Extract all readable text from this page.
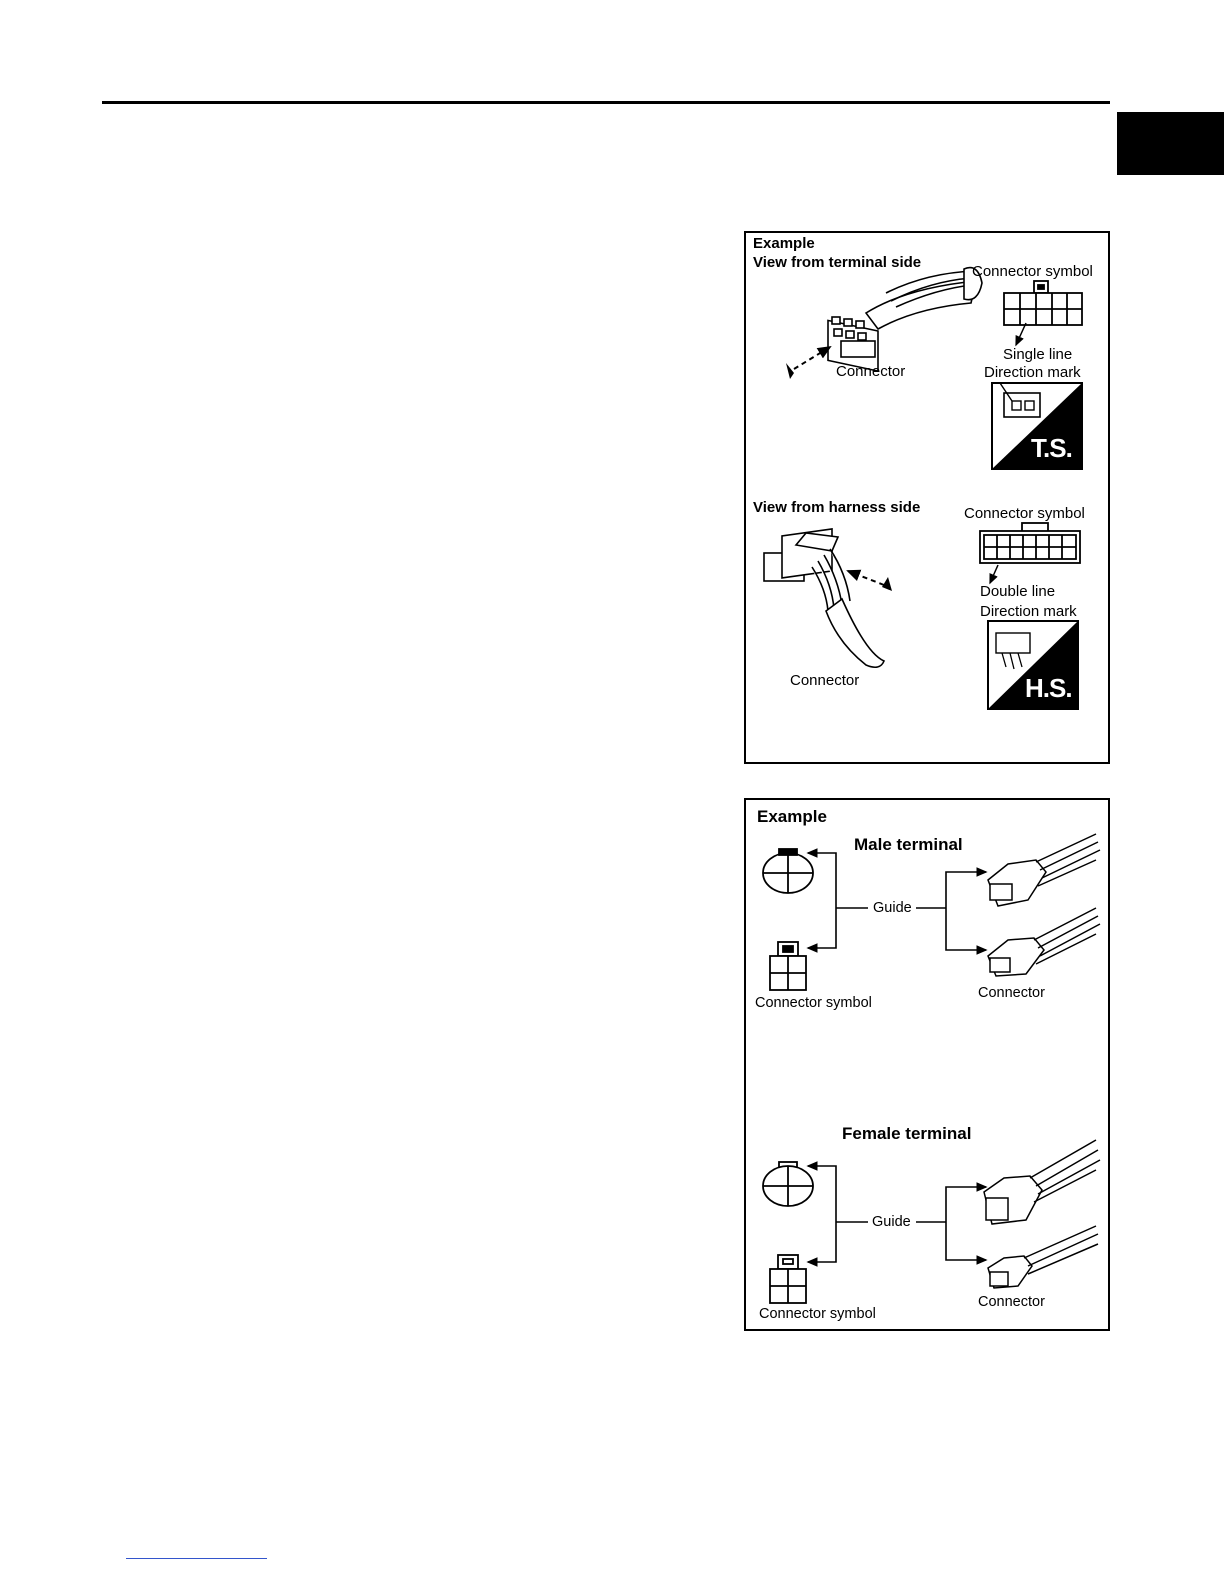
Example
View from terminal side
Connector symbol
Single line
Direction mark
Connector
T.S.
View from harness side	Connector symbol
Double line
Direction mark
Connector	H.S.
Example
Male terminal
Guide
Connector symbol
Connector
Female terminal
Guide
Connector symbol
Connector
